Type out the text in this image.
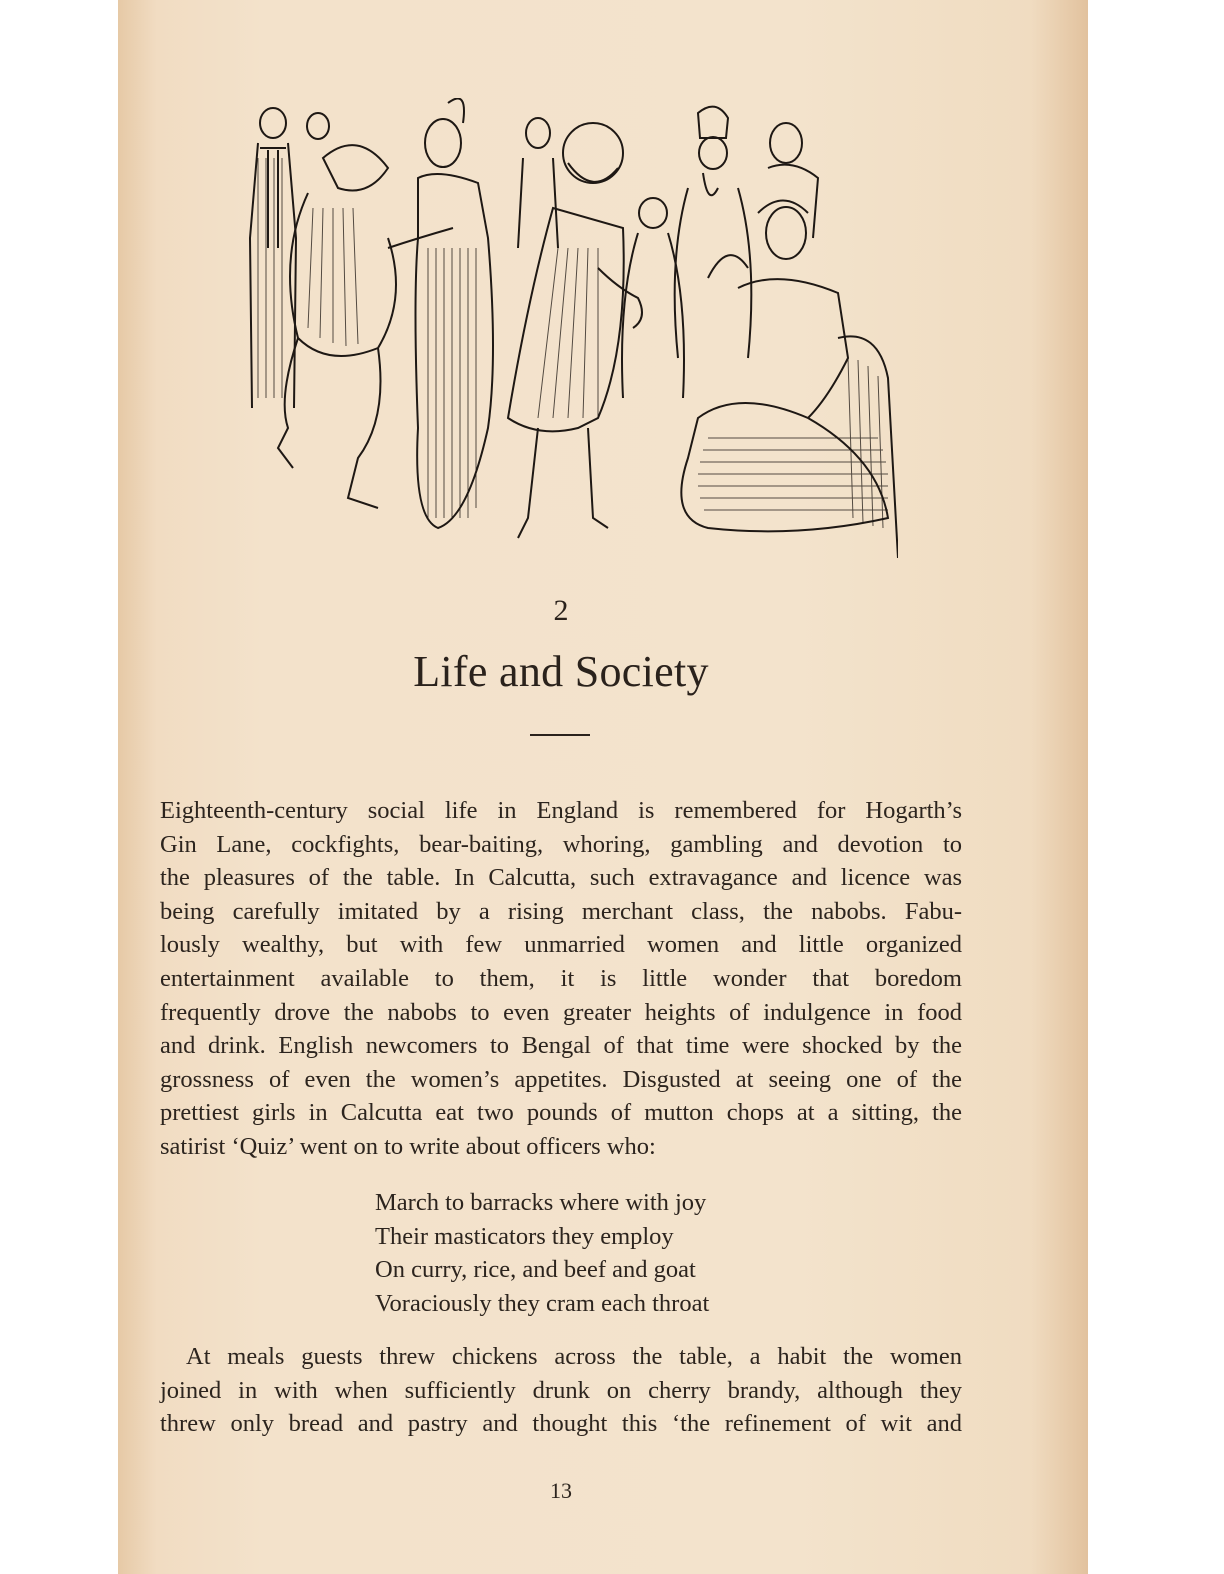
2
Life and Society
Eighteenth-century social life in England is remembered for Hogarth’s
Gin Lane, cockfights, bear-baiting, whoring, gambling and devotion to
the pleasures of the table. In Calcutta, such extravagance and licence was
being carefully imitated by a rising merchant class, the nabobs. Fabu-
lously wealthy, but with few unmarried women and little organized
entertainment available to them, it is little wonder that boredom
frequently drove the nabobs to even greater heights of indulgence in food
and drink. English newcomers to Bengal of that time were shocked by the
grossness of even the women’s appetites. Disgusted at seeing one of the
prettiest girls in Calcutta eat two pounds of mutton chops at a sitting, the
satirist ‘Quiz’ went on to write about officers who:
March to barracks where with joy
Their masticators they employ
On curry, rice, and beef and goat
Voraciously they cram each throat
At meals guests threw chickens across the table, a habit the women
joined in with when sufficiently drunk on cherry brandy, although they
threw only bread and pastry and thought this ‘the refinement of wit and
13
